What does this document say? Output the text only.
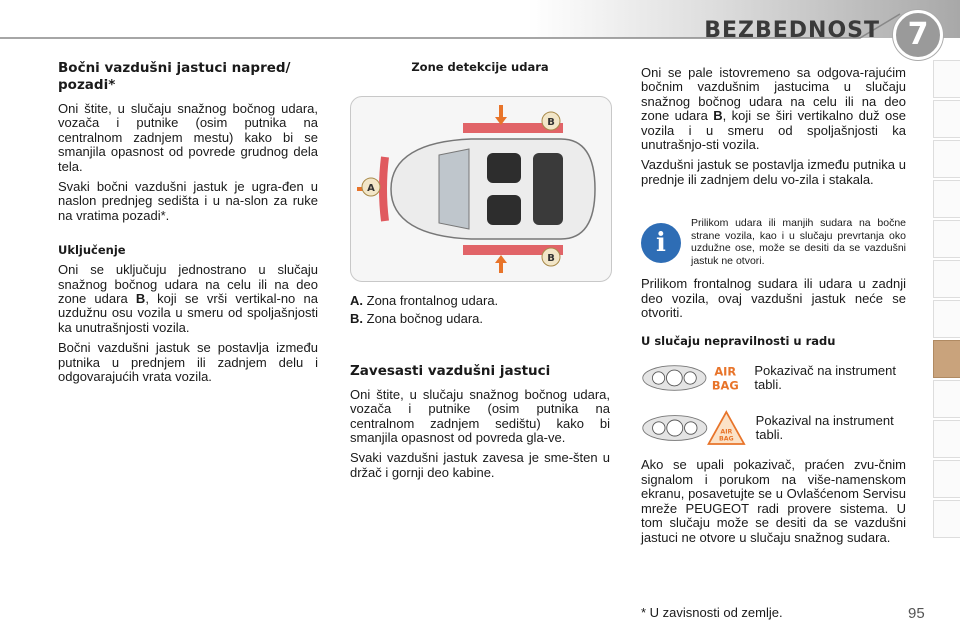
BEZBEDNOST 7
Bočni vazdušni jastuci napred/ pozadi*

Oni štite, u slučaju snažnog bočnog udara, vozača i putnike (osim putnika na centralnom zadnjem mestu) kako bi se smanjila opasnost od povrede grudnog dela tela.

Svaki bočni vazdušni jastuk je ugra-đen u naslon prednjeg sedišta i u na-slon za ruke na vratima pozadi*.

Uključenje

Oni se uključuju jednostrano u slučaju snažnog bočnog udara na celu ili na deo zone udara B, koji se vrši vertikal-no na uzdužnu osu vozila u smeru od spoljašnjosti ka unutrašnjosti vozila.

Bočni vazdušni jastuk se postavlja između putnika u prednjem ili zadnjem delu i odgovarajućih vrata vozila.

Zone detekcije udara
A
B
B

A. Zona frontalnog udara.

B. Zona bočnog udara.

Zavesasti vazdušni jastuci

Oni štite, u slučaju snažnog bočnog udara, vozača i putnike (osim putnika na centralnom zadnjem sedištu) kako bi smanjila opasnost od povreda gla-ve.

Svaki vazdušni jastuk zavesa je sme-šten u držač i gornji deo kabine.

Oni se pale istovremeno sa odgova-rajućim bočnim vazdušnim jastucima u slučaju snažnog bočnog udara na celu ili na deo zone udara B, koji se širi vertikalno duž ose vozila i u smeru od spoljašnjosti ka unutrašnjo-sti vozila.

Vazdušni jastuk se postavlja između putnika u prednje ili zadnjem delu vo-zila i stakala.

i
Prilikom udara ili manjih sudara na bočne strane vozila, kao i u slučaju prevrtanja oko uzdužne ose, može se desiti da se vazdušni jastuk ne otvori.

Prilikom frontalnog sudara ili udara u zadnji deo vozila, ovaj vazdušni jastuk neće se otvoriti.

U slučaju nepravilnosti u radu
AIR
BAG
Pokazivač na instrument tabli.
AIR
BAG
Pokazival na instrument tabli.

Ako se upali pokazivač, praćen zvu-čnim signalom i porukom na više-namenskom ekranu, posavetujte se u Ovlašćenom Servisu mreže PEUGEOT radi provere sistema. U tom slučaju može se desiti da se vazdušni jastuci ne otvore u slučaju snažnog sudara.

* U zavisnosti od zemlje.	95
